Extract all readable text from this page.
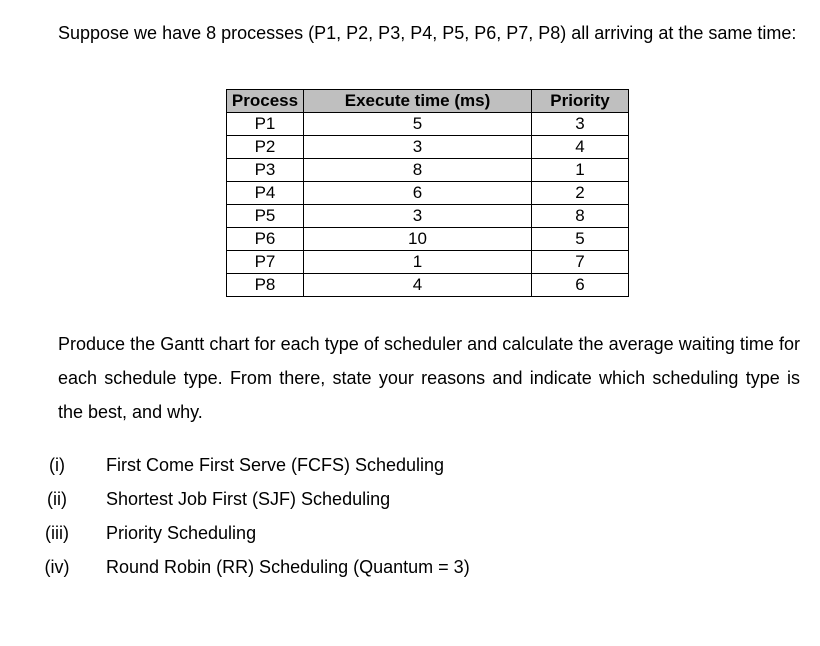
Suppose we have 8 processes (P1, P2, P3, P4, P5, P6, P7, P8) all arriving at the same time:

Process	Execute time (ms)	Priority
P1	5	3
P2	3	4
P3	8	1
P4	6	2
P5	3	8
P6	10	5
P7	1	7
P8	4	6

Produce the Gantt chart for each type of scheduler and calculate the average waiting time for each schedule type. From there, state your reasons and indicate which scheduling type is the best, and why.

(i)	First Come First Serve (FCFS) Scheduling
(ii)	Shortest Job First (SJF) Scheduling
(iii) Priority Scheduling
(iv) Round Robin (RR) Scheduling (Quantum = 3)
